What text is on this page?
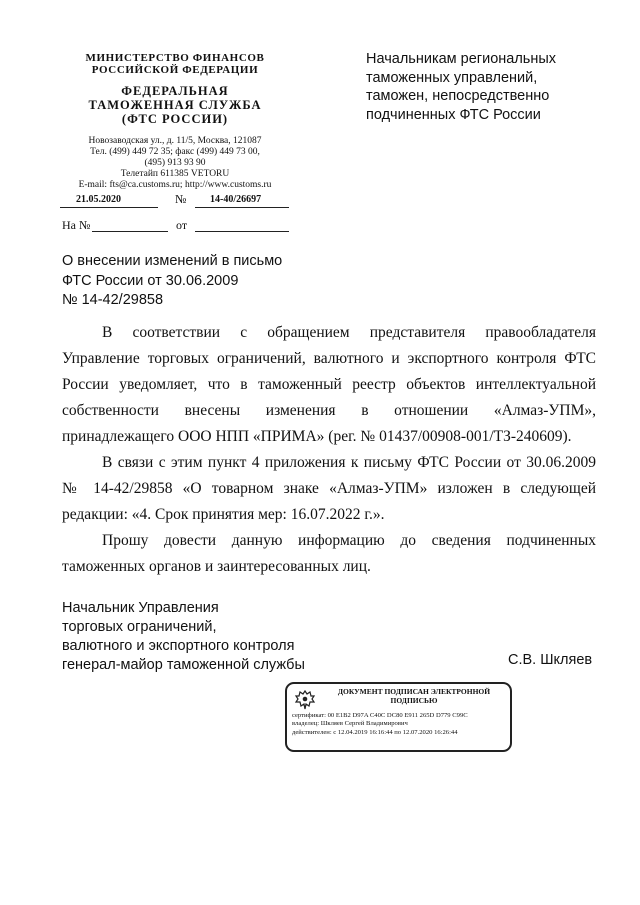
МИНИСТЕРСТВО ФИНАНСОВ
РОССИЙСКОЙ ФЕДЕРАЦИИ
ФЕДЕРАЛЬНАЯ
ТАМОЖЕННАЯ СЛУЖБА
(ФТС РОССИИ)
Новозаводская ул., д. 11/5, Москва, 121087
Тел. (499) 449 72 35; факс (499) 449 73 00,
(495) 913 93 90
Телетайп 611385 VETORU
E-mail: fts@ca.customs.ru; http://www.customs.ru
21.05.2020	№ 14-40/26697
На №	от
Начальникам региональных
таможенных управлений,
таможен, непосредственно
подчиненных ФТС России
О внесении изменений в письмо
ФТС России от 30.06.2009
№ 14-42/29858

В соответствии с обращением представителя правообладателя Управление торговых ограничений, валютного и экспортного контроля ФТС России уведомляет, что в таможенный реестр объектов интеллектуальной собственности внесены изменения в отношении «Алмаз-УПМ», принадлежащего ООО НПП «ПРИМА» (рег. № 01437/00908-001/ТЗ-240609).

В связи с этим пункт 4 приложения к письму ФТС России от 30.06.2009 № 14-42/29858 «О товарном знаке «Алмаз-УПМ» изложен в следующей редакции: «4. Срок принятия мер: 16.07.2022 г.».

Прошу довести данную информацию до сведения подчиненных таможенных органов и заинтересованных лиц.

Начальник Управления
торговых ограничений,
валютного и экспортного контроля
генерал-майор таможенной службы	С.В. Шкляев
ДОКУМЕНТ ПОДПИСАН ЭЛЕКТРОННОЙ
ПОДПИСЬЮ
сертификат: 00 E1B2 D97A C40C DC80 E911 265D D779 C99C
владелец: Шкляев Сергей Владимирович
действителен: с 12.04.2019 16:16:44 по 12.07.2020 16:26:44
